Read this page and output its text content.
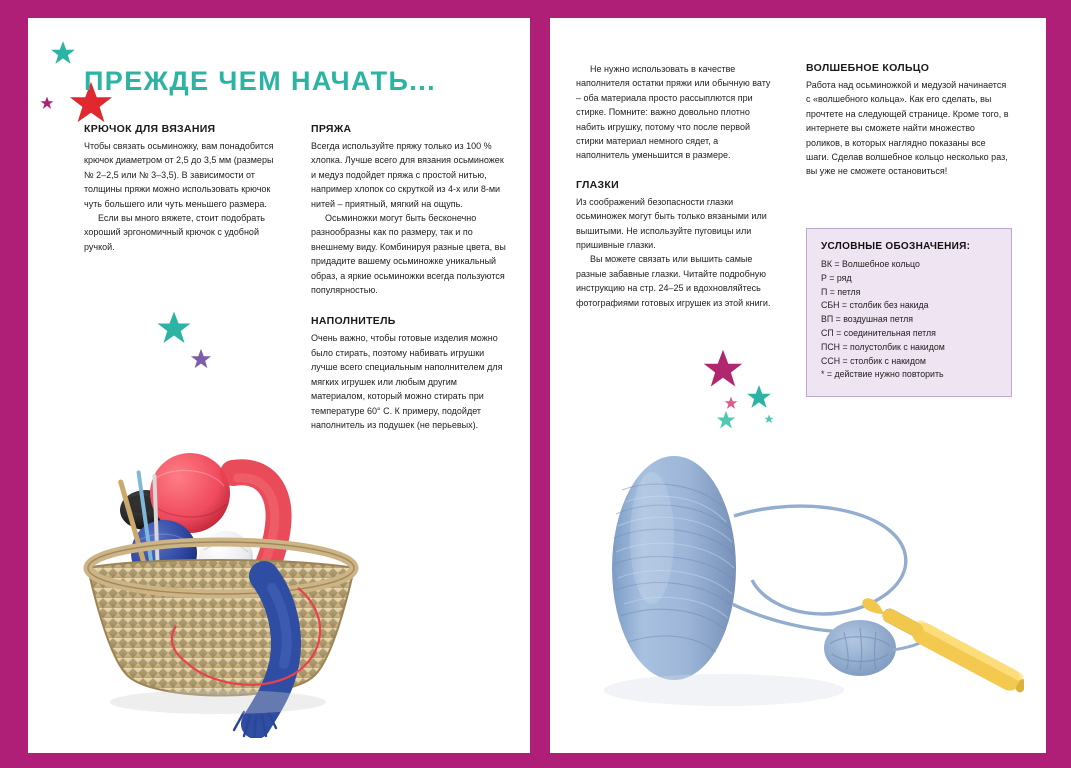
ПРЕЖДЕ ЧЕМ НАЧАТЬ...
КРЮЧОК ДЛЯ ВЯЗАНИЯ

Чтобы связать осьминожку, вам понадобится крючок диаметром от 2,5 до 3,5 мм (размеры № 2–2,5 или № 3–3,5). В зависимости от толщины пряжи можно использовать крючок чуть большего или чуть меньшего размера.

Если вы много вяжете, стоит подобрать хороший эргономичный крючок с удобной ручкой.

ПРЯЖА

Всегда используйте пряжу только из 100 % хлопка. Лучше всего для вязания осьминожек и медуз подойдет пряжа с простой нитью, например хлопок со скруткой из 4-х или 8-ми нитей – приятный, мягкий на ощупь.

Осьминожки могут быть бесконечно разнообразны как по размеру, так и по внешнему виду. Комбинируя разные цвета, вы придадите вашему осьминожке уникальный образ, а яркие осьминожки всегда пользуются популярностью.

НАПОЛНИТЕЛЬ

Очень важно, чтобы готовые изделия можно было стирать, поэтому набивать игрушки лучше всего специальным наполнителем для мягких игрушек или любым другим материалом, который можно стирать при температуре 60° С. К примеру, подойдет наполнитель из подушек (не перьевых).

12

Не нужно использовать в качестве наполнителя остатки пряжи или обычную вату – оба материала просто рассыплются при стирке. Помните: важно довольно плотно набить игрушку, потому что после первой стирки материал немного сядет, а наполнитель уменьшится в размере.

ГЛАЗКИ

Из соображений безопасности глазки осьминожек могут быть только вязаными или вышитыми. Не используйте пуговицы или пришивные глазки.

Вы можете связать или вышить самые разные забавные глазки. Читайте подробную инструкцию на стр. 24–25 и вдохновляйтесь фотографиями готовых игрушек из этой книги.

ВОЛШЕБНОЕ КОЛЬЦО

Работа над осьминожкой и медузой начинается с «волшебного кольца». Как его сделать, вы прочтете на следующей странице. Кроме того, в интернете вы сможете найти множество роликов, в которых наглядно показаны все шаги. Сделав волшебное кольцо несколько раз, вы уже не сможете остановиться!

УСЛОВНЫЕ ОБОЗНАЧЕНИЯ:
ВК = Волшебное кольцо
Р = ряд
П = петля
СБН = столбик без накида
ВП = воздушная петля
СП = соединительная петля
ПСН = полустолбик с накидом
ССН = столбик с накидом
* = действие нужно повторить
13
